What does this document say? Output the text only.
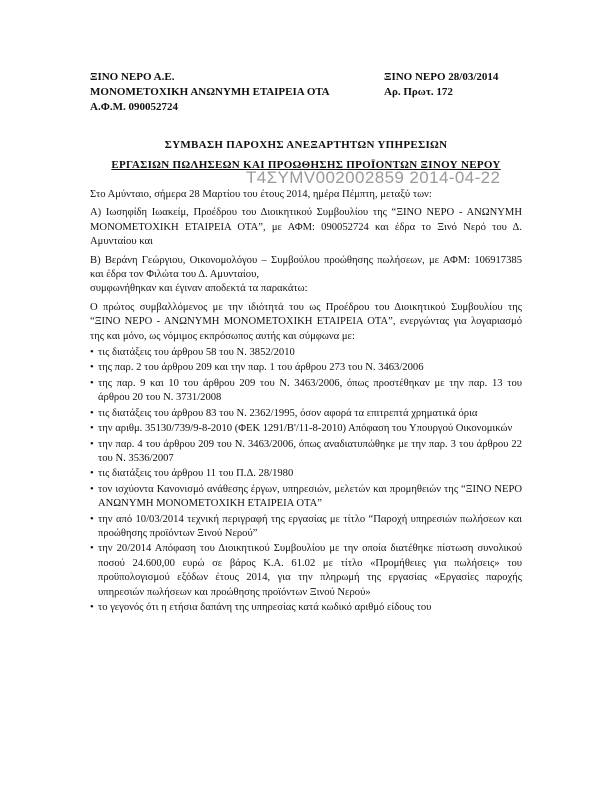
ΞΙΝΟ ΝΕΡΟ Α.Ε.
ΜΟΝΟΜΕΤΟΧΙΚΗ ΑΝΩΝΥΜΗ ΕΤΑΙΡΕΙΑ ΟΤΑ
Α.Φ.Μ. 090052724
ΞΙΝΟ ΝΕΡΟ 28/03/2014
Αρ. Πρωτ. 172
ΣΥΜΒΑΣΗ ΠΑΡΟΧΗΣ ΑΝΕΞΑΡΤΗΤΩΝ ΥΠΗΡΕΣΙΩΝ
ΕΡΓΑΣΙΩΝ ΠΩΛΗΣΕΩΝ ΚΑΙ ΠΡΟΩΘΗΣΗΣ ΠΡΟΪΟΝΤΩΝ ΞΙΝΟΥ ΝΕΡΟΥ
Τ4ΣΥΜV002002859 2014-04-22

Στο Αμύνταιο, σήμερα 28 Μαρτίου του έτους 2014, ημέρα Πέμπτη, μεταξύ των:

Α) Ιωσηφίδη Ιωακείμ, Προέδρου του Διοικητικού Συμβουλίου της “ΞΙΝΟ ΝΕΡΟ - ΑΝΩΝΥΜΗ ΜΟΝΟΜΕΤΟΧΙΚΗ ΕΤΑΙΡΕΙΑ ΟΤΑ”, με ΑΦΜ: 090052724 και έδρα το Ξινό Νερό του Δ. Αμυνταίου και

Β) Βεράνη Γεώργιου, Οικονομολόγου – Συμβούλου προώθησης πωλήσεων, με ΑΦΜ: 106917385 και έδρα τον Φιλώτα του Δ. Αμυνταίου,

συμφωνήθηκαν και έγιναν αποδεκτά τα παρακάτω:

Ο πρώτος συμβαλλόμενος με την ιδιότητά του ως Προέδρου του Διοικητικού Συμβουλίου της “ΞΙΝΟ ΝΕΡΟ - ΑΝΩΝΥΜΗ ΜΟΝΟΜΕΤΟΧΙΚΗ ΕΤΑΙΡΕΙΑ ΟΤΑ”, ενεργώντας για λογαριασμό της και μόνο, ως νόμιμος εκπρόσωπος αυτής και σύμφωνα με:

• τις διατάξεις του άρθρου 58 του Ν. 3852/2010
• της παρ. 2 του άρθρου 209 και την παρ. 1 του άρθρου 273 του Ν. 3463/2006
• της παρ. 9 και 10 του άρθρου 209 του Ν. 3463/2006, όπως προστέθηκαν με την παρ. 13 του άρθρου 20 του Ν. 3731/2008
• τις διατάξεις του άρθρου 83 του Ν. 2362/1995, όσον αφορά τα επιτρεπτά χρηματικά όρια
• την αριθμ. 35130/739/9-8-2010 (ΦΕΚ 1291/Β'/11-8-2010) Απόφαση του Υπουργού Οικονομικών
• την παρ. 4 του άρθρου 209 του Ν. 3463/2006, όπως αναδιατυπώθηκε με την παρ. 3 του άρθρου 22 του Ν. 3536/2007
• τις διατάξεις του άρθρου 11 του Π.Δ. 28/1980
• τον ισχύοντα Κανονισμό ανάθεσης έργων, υπηρεσιών, μελετών και προμηθειών της “ΞΙΝΟ ΝΕΡΟ ΑΝΩΝΥΜΗ ΜΟΝΟΜΕΤΟΧΙΚΗ ΕΤΑΙΡΕΙΑ ΟΤΑ”
• την από 10/03/2014 τεχνική περιγραφή της εργασίας με τίτλο “Παροχή υπηρεσιών πωλήσεων και προώθησης προϊόντων Ξινού Νερού”
• την 20/2014 Απόφαση του Διοικητικού Συμβουλίου με την οποία διατέθηκε πίστωση συνολικού ποσού 24.600,00 ευρώ σε βάρος Κ.Α. 61.02 με τίτλο «Προμήθειες για πωλήσεις» του προϋπολογισμού εξόδων έτους 2014, για την πληρωμή της εργασίας «Εργασίες παροχής υπηρεσιών πωλήσεων και προώθησης προϊόντων Ξινού Νερού»
• το γεγονός ότι η ετήσια δαπάνη της υπηρεσίας κατά κωδικό αριθμό είδους του
